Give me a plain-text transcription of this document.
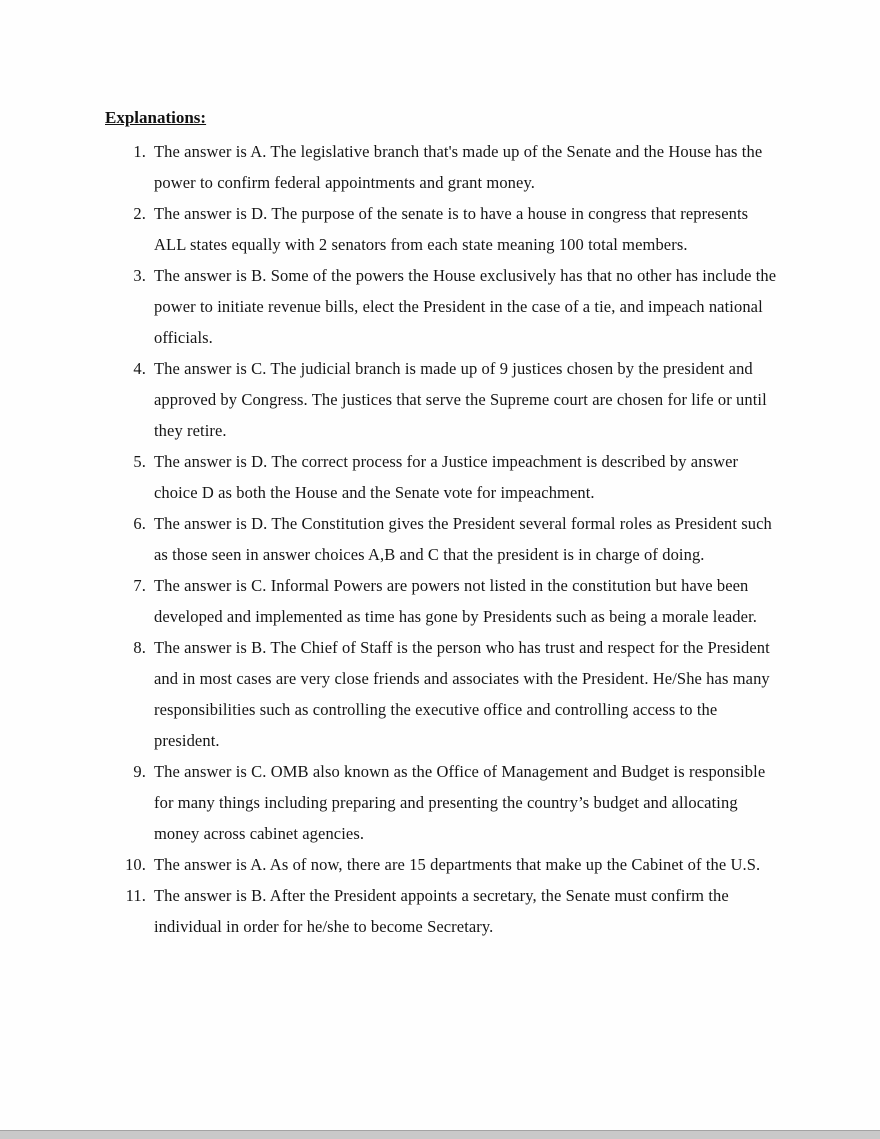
Explanations:
1. The answer is A. The legislative branch that's made up of the Senate and the House has the power to confirm federal appointments and grant money.
2. The answer is D. The purpose of the senate is to have a house in congress that represents ALL states equally with 2 senators from each state meaning 100 total members.
3. The answer is B. Some of the powers the House exclusively has that no other has include the power to initiate revenue bills, elect the President in the case of a tie, and impeach national officials.
4. The answer is C. The judicial branch is made up of 9 justices chosen by the president and approved by Congress. The justices that serve the Supreme court are chosen for life or until they retire.
5. The answer is D. The correct process for a Justice impeachment is described by answer choice D as both the House and the Senate vote for impeachment.
6. The answer is D. The Constitution gives the President several formal roles as President such as those seen in answer choices A,B and C that the president is in charge of doing.
7. The answer is C. Informal Powers are powers not listed in the constitution but have been developed and implemented as time has gone by Presidents such as being a morale leader.
8. The answer is B. The Chief of Staff is the person who has trust and respect for the President and in most cases are very close friends and associates with the President. He/She has many responsibilities such as controlling the executive office and controlling access to the president.
9. The answer is C. OMB also known as the Office of Management and Budget is responsible for many things including preparing and presenting the country’s budget and allocating money across cabinet agencies.
10. The answer is A. As of now, there are 15 departments that make up the Cabinet of the U.S.
11. The answer is B. After the President appoints a secretary, the Senate must confirm the individual in order for he/she to become Secretary.
